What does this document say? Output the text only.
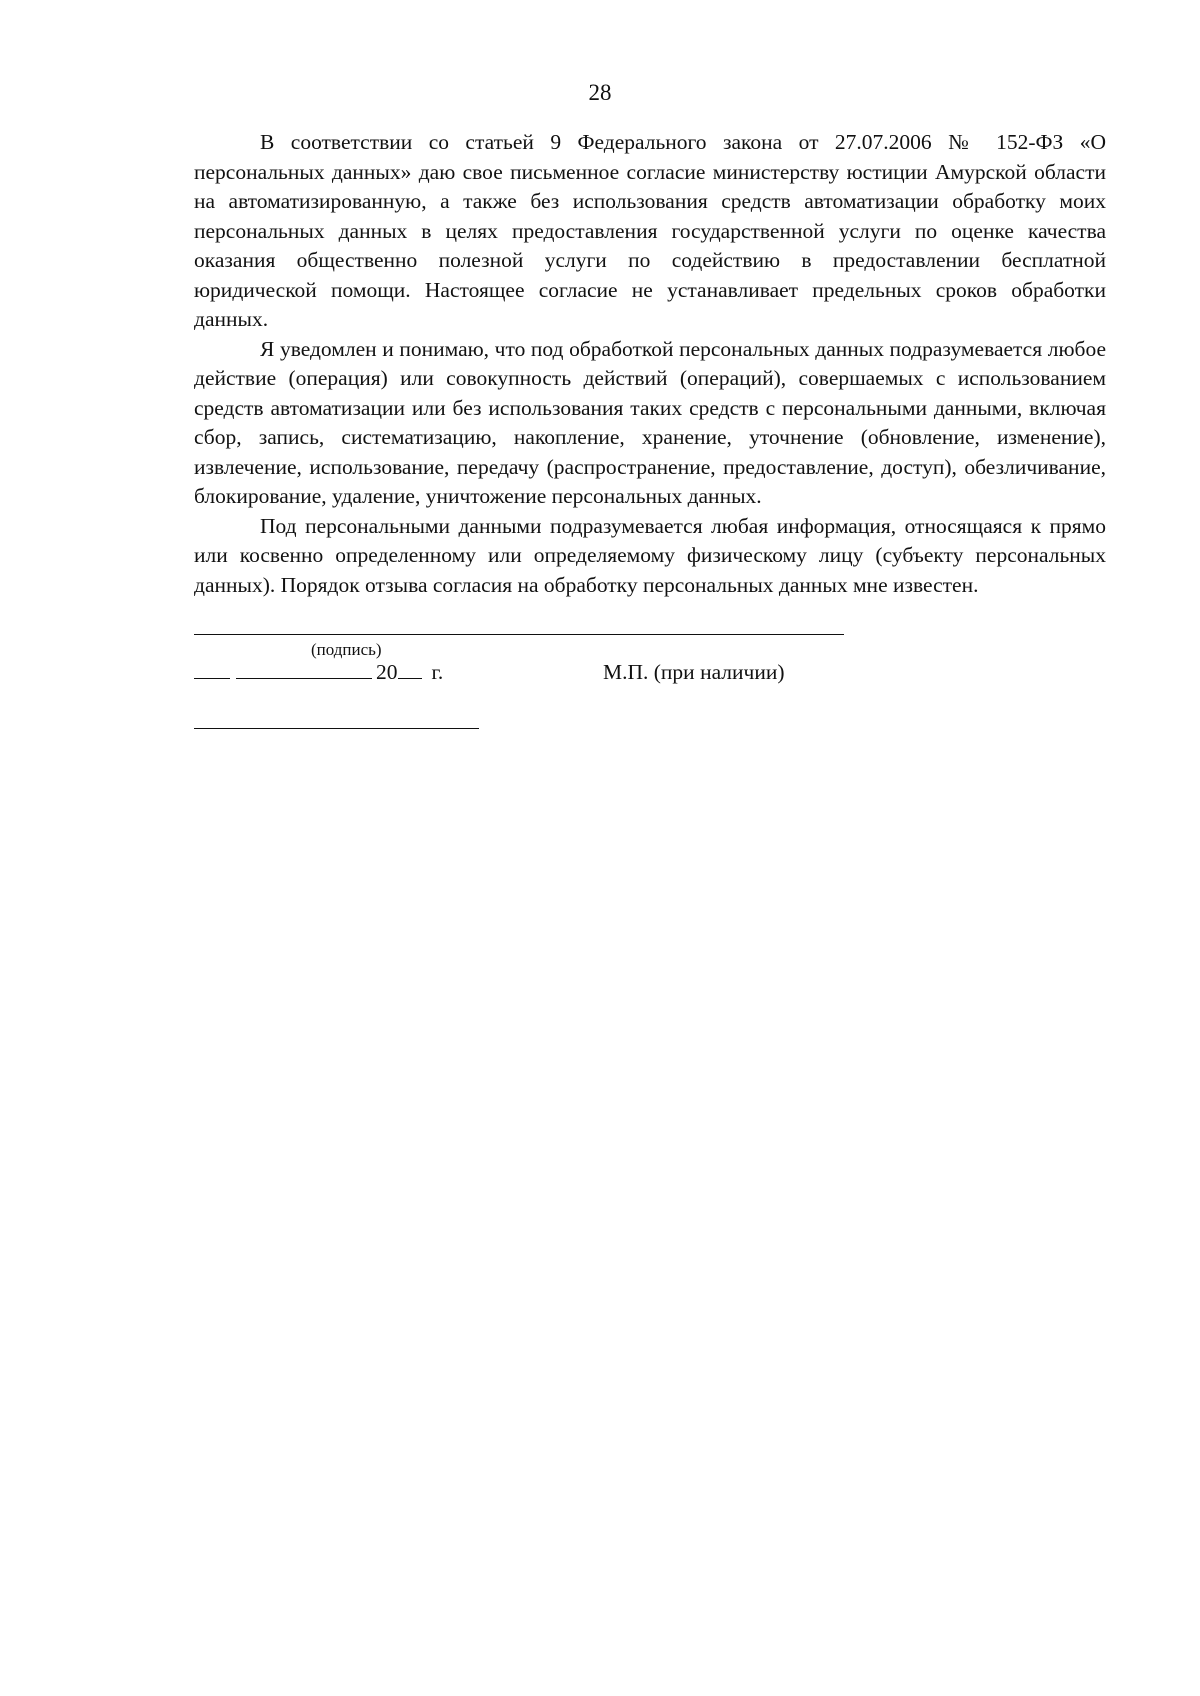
28

В соответствии со статьей 9 Федерального закона от 27.07.2006 № 152-ФЗ «О персональных данных» даю свое письменное согласие министерству юстиции Амурской области на автоматизированную, а также без использования средств автоматизации обработку моих персональных данных в целях предоставления государственной услуги по оценке качества оказания общественно полезной услуги по содействию в предоставлении бесплатной юридической помощи. Настоящее согласие не устанавливает предельных сроков обработки данных.

Я уведомлен и понимаю, что под обработкой персональных данных подразумевается любое действие (операция) или совокупность действий (операций), совершаемых с использованием средств автоматизации или без использования таких средств с персональными данными, включая сбор, запись, систематизацию, накопление, хранение, уточнение (обновление, изменение), извлечение, использование, передачу (распространение, предоставление, доступ), обезличивание, блокирование, удаление, уничтожение персональных данных.

Под персональными данными подразумевается любая информация, относящаяся к прямо или косвенно определенному или определяемому физическому лицу (субъекту персональных данных). Порядок отзыва согласия на обработку персональных данных мне известен.

(подпись)
20 г.	М.П. (при наличии)
